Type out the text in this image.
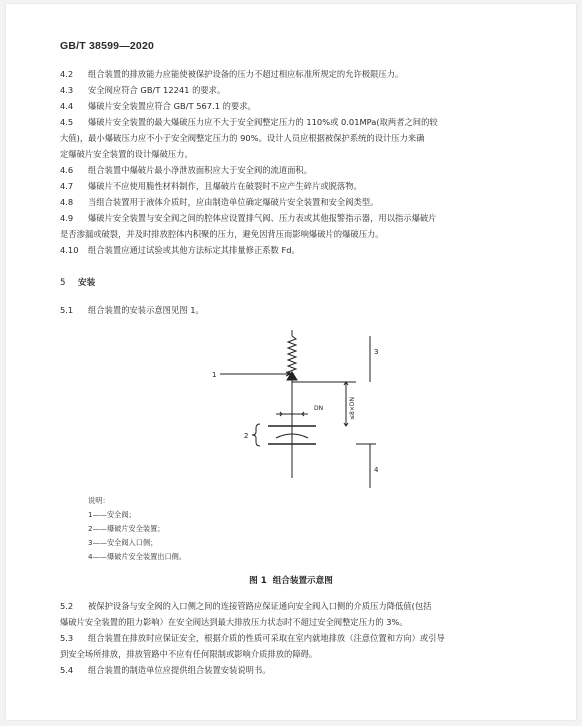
GB/T 38599—2020
4.2 组合装置的排放能力应能使被保护设备的压力不超过相应标准所规定的允许极限压力。
4.3 安全阀应符合 GB/T 12241 的要求。
4.4 爆破片安全装置应符合 GB/T 567.1 的要求。
4.5 爆破片安全装置的最大爆破压力应不大于安全阀整定压力的 110%或 0.01MPa(取两者之间的较
大值)，最小爆破压力应不小于安全阀整定压力的 90%。设计人员应根据被保护系统的设计压力来确
定爆破片安全装置的设计爆破压力。
4.6 组合装置中爆破片最小净泄放面积应大于安全阀的流道面积。
4.7 爆破片不应使用脆性材料制作，且爆破片在破裂时不应产生碎片或脱落物。
4.8 当组合装置用于液体介质时，应由制造单位确定爆破片安全装置和安全阀类型。
4.9 爆破片安全装置与安全阀之间的腔体应设置排气阀、压力表或其他报警指示器，用以指示爆破片
是否渗漏或破裂，并及时排放腔体内积聚的压力，避免因背压而影响爆破片的爆破压力。
4.10 组合装置应通过试验或其他方法标定其排量修正系数 Fd。
5 安装
5.1 组合装置的安装示意图见图 1。
1
2
3
4
DN	≤8×DN
说明：
1——安全阀；
2——爆破片安全装置；
3——安全阀入口侧；
4——爆破片安全装置出口侧。
图 1 组合装置示意图
5.2 被保护设备与安全阀的入口侧之间的连接管路应保证通向安全阀入口侧的介质压力降低值(包括
爆破片安全装置的阻力影响）在安全阀达到最大排放压力状态时不超过安全阀整定压力的 3%。
5.3 组合装置在排放时应保证安全，根据介质的性质可采取在室内就地排放（注意位置和方向）或引导
到安全场所排放，排放管路中不应有任何限制或影响介质排放的障碍。
5.4 组合装置的制造单位应提供组合装置安装说明书。
